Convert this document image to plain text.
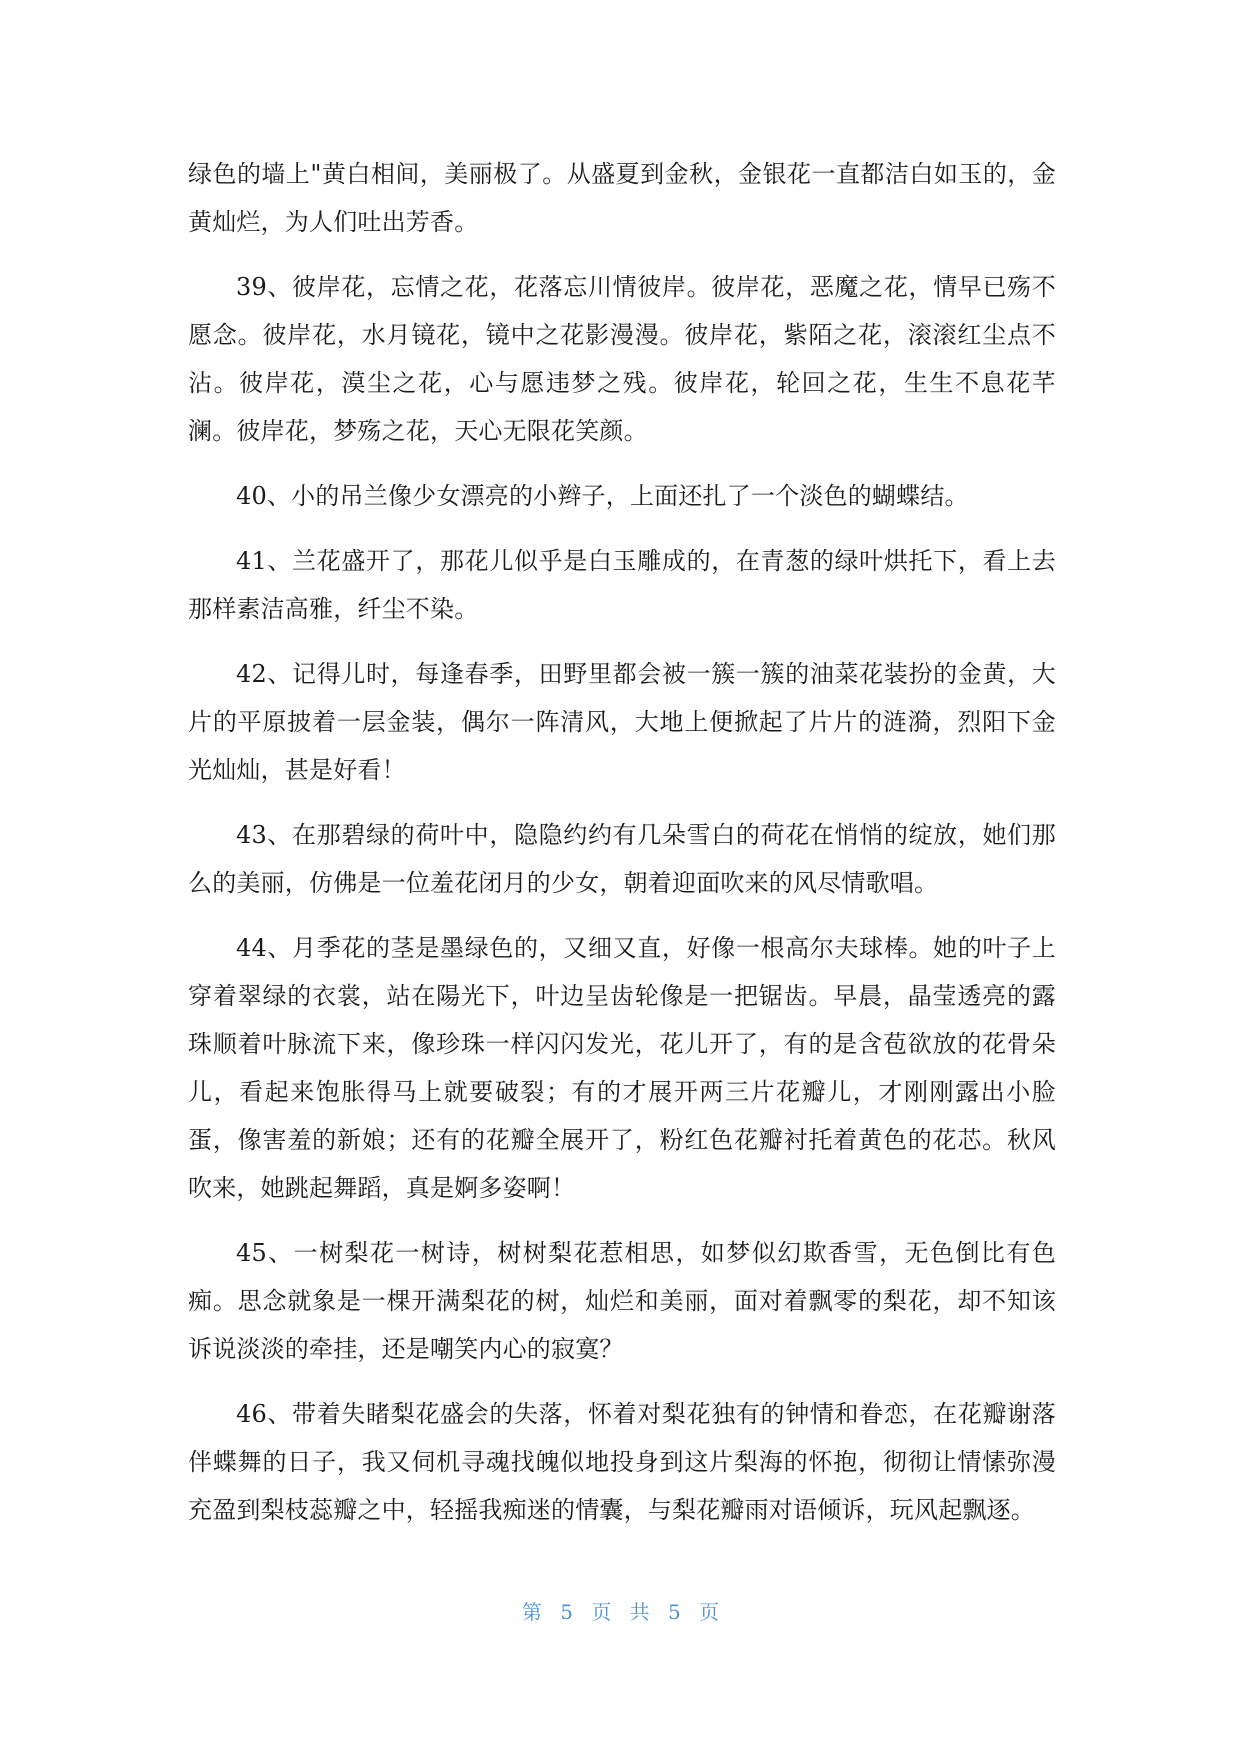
绿色的墙上"黄白相间，美丽极了。从盛夏到金秋，金银花一直都洁白如玉的，金黄灿烂，为人们吐出芳香。

39、彼岸花，忘情之花，花落忘川情彼岸。彼岸花，恶魔之花，情早已殇不愿念。彼岸花，水月镜花，镜中之花影漫漫。彼岸花，紫陌之花，滚滚红尘点不沾。彼岸花，漠尘之花，心与愿违梦之残。彼岸花，轮回之花，生生不息花芊澜。彼岸花，梦殇之花，天心无限花笑颜。

40、小的吊兰像少女漂亮的小辫子，上面还扎了一个淡色的蝴蝶结。

41、兰花盛开了，那花儿似乎是白玉雕成的，在青葱的绿叶烘托下，看上去那样素洁高雅，纤尘不染。

42、记得儿时，每逢春季，田野里都会被一簇一簇的油菜花装扮的金黄，大片的平原披着一层金装，偶尔一阵清风，大地上便掀起了片片的涟漪，烈阳下金光灿灿，甚是好看！

43、在那碧绿的荷叶中，隐隐约约有几朵雪白的荷花在悄悄的绽放，她们那么的美丽，仿佛是一位羞花闭月的少女，朝着迎面吹来的风尽情歌唱。

44、月季花的茎是墨绿色的，又细又直，好像一根高尔夫球棒。她的叶子上穿着翠绿的衣裳，站在陽光下，叶边呈齿轮像是一把锯齿。早晨，晶莹透亮的露珠顺着叶脉流下来，像珍珠一样闪闪发光，花儿开了，有的是含苞欲放的花骨朵儿，看起来饱胀得马上就要破裂；有的才展开两三片花瓣儿，才刚刚露出小脸蛋，像害羞的新娘；还有的花瓣全展开了，粉红色花瓣衬托着黄色的花芯。秋风吹来，她跳起舞蹈，真是婀多姿啊！

45、一树梨花一树诗，树树梨花惹相思，如梦似幻欺香雪，无色倒比有色痴。思念就象是一棵开满梨花的树，灿烂和美丽，面对着飘零的梨花，却不知该诉说淡淡的牵挂，还是嘲笑内心的寂寞？

46、带着失睹梨花盛会的失落，怀着对梨花独有的钟情和眷恋，在花瓣谢落伴蝶舞的日子，我又伺机寻魂找魄似地投身到这片梨海的怀抱，彻彻让情愫弥漫充盈到梨枝蕊瓣之中，轻摇我痴迷的情囊，与梨花瓣雨对语倾诉，玩风起飘逐。

第 5 页 共 5 页
